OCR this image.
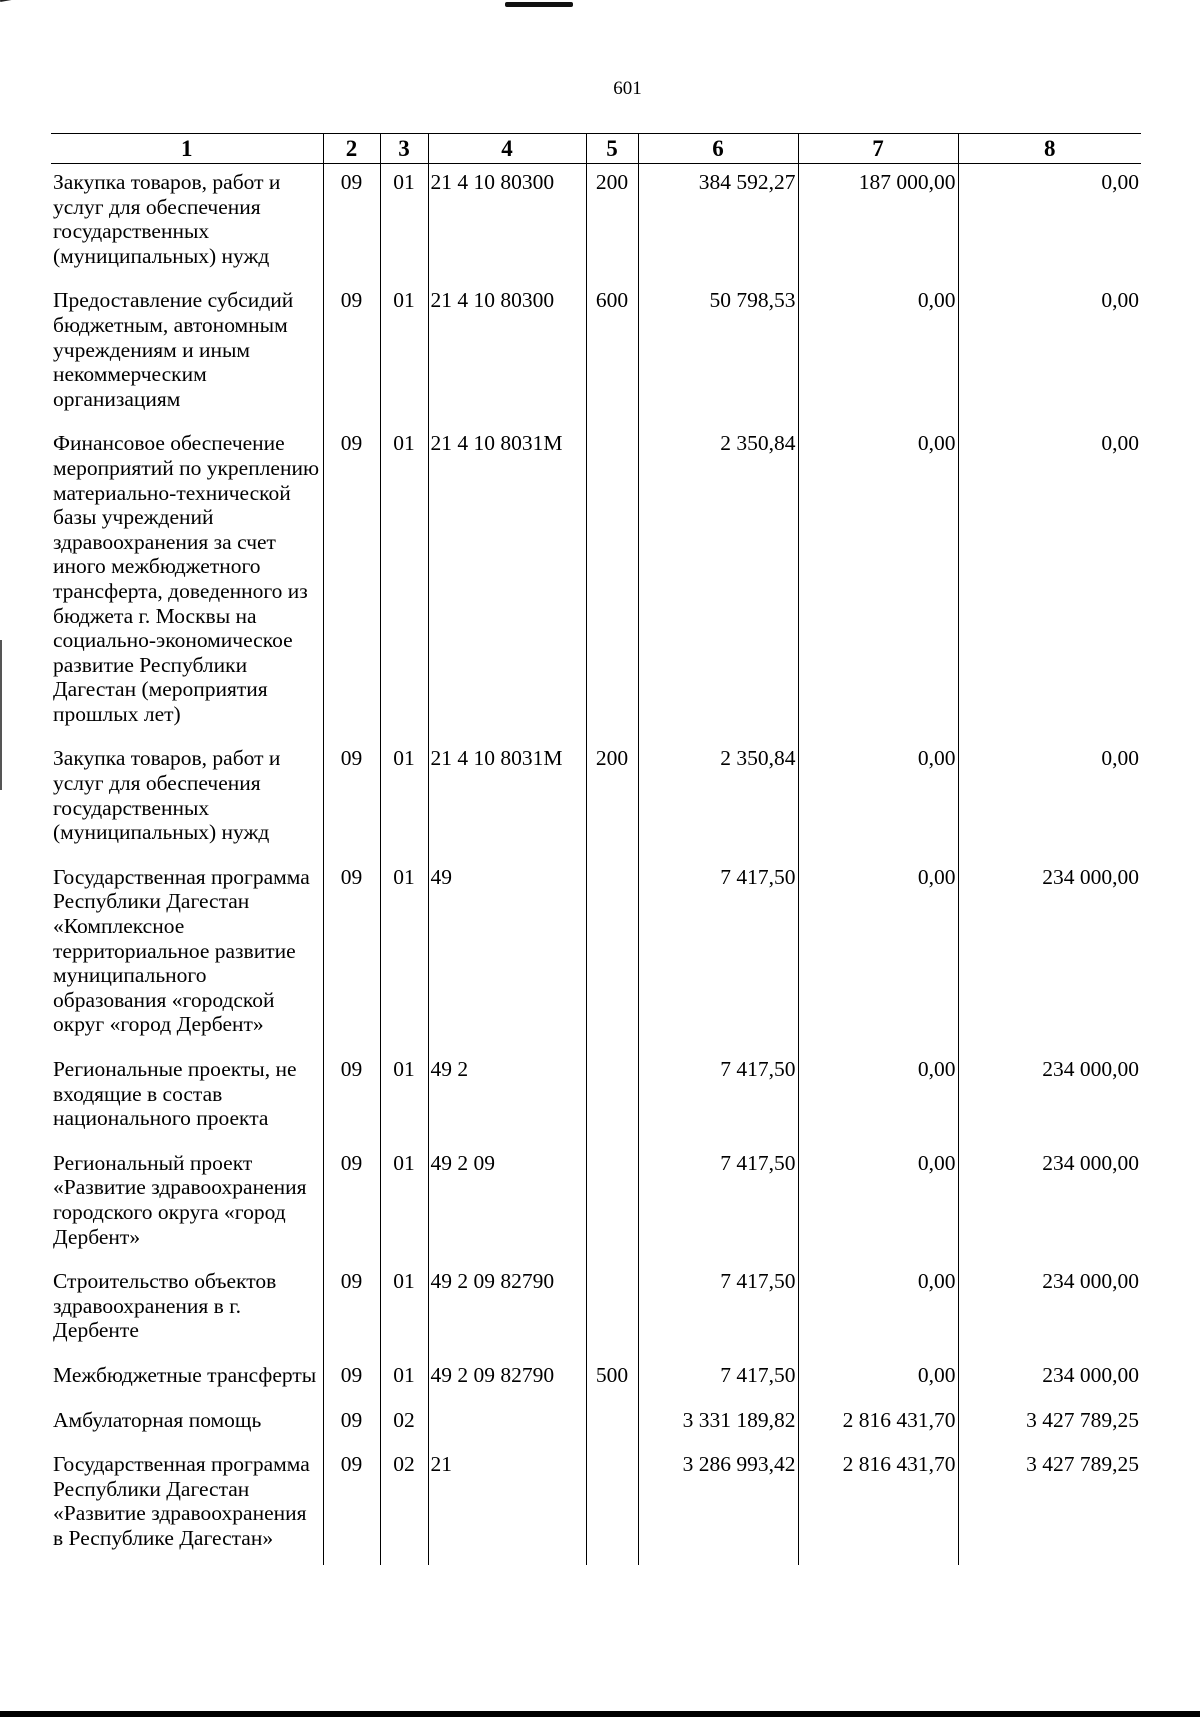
601
1	2	3	4	5	6	7	8
Закупка товаров, работ и услуг для обеспечения государственных (муниципальных) нужд	09	01	21 4 10 80300	200	384 592,27	187 000,00	0,00
Предоставление субсидий бюджетным, автономным учреждениям и иным некоммерческим организациям	09	01	21 4 10 80300	600	50 798,53	0,00	0,00
Финансовое обеспечение мероприятий по укреплению материально-технической базы учреждений здравоохранения за счет иного межбюджетного трансферта, доведенного из бюджета г. Москвы на социально-экономическое развитие Республики Дагестан (мероприятия прошлых лет)	09	01	21 4 10 8031М		2 350,84	0,00	0,00
Закупка товаров, работ и услуг для обеспечения государственных (муниципальных) нужд	09	01	21 4 10 8031М	200	2 350,84	0,00	0,00
Государственная программа Республики Дагестан «Комплексное территориальное развитие муниципального образования «городской округ «город Дербент»	09	01	49		7 417,50	0,00	234 000,00
Региональные проекты, не входящие в состав национального проекта	09	01	49 2		7 417,50	0,00	234 000,00
Региональный проект «Развитие здравоохранения городского округа «город Дербент»	09	01	49 2 09		7 417,50	0,00	234 000,00
Строительство объектов здравоохранения в г. Дербенте	09	01	49 2 09 82790		7 417,50	0,00	234 000,00
Межбюджетные трансферты	09	01	49 2 09 82790	500	7 417,50	0,00	234 000,00
Амбулаторная помощь	09	02			3 331 189,82	2 816 431,70	3 427 789,25
Государственная программа Республики Дагестан «Развитие здравоохранения в Республике Дагестан»	09	02	21		3 286 993,42	2 816 431,70	3 427 789,25
